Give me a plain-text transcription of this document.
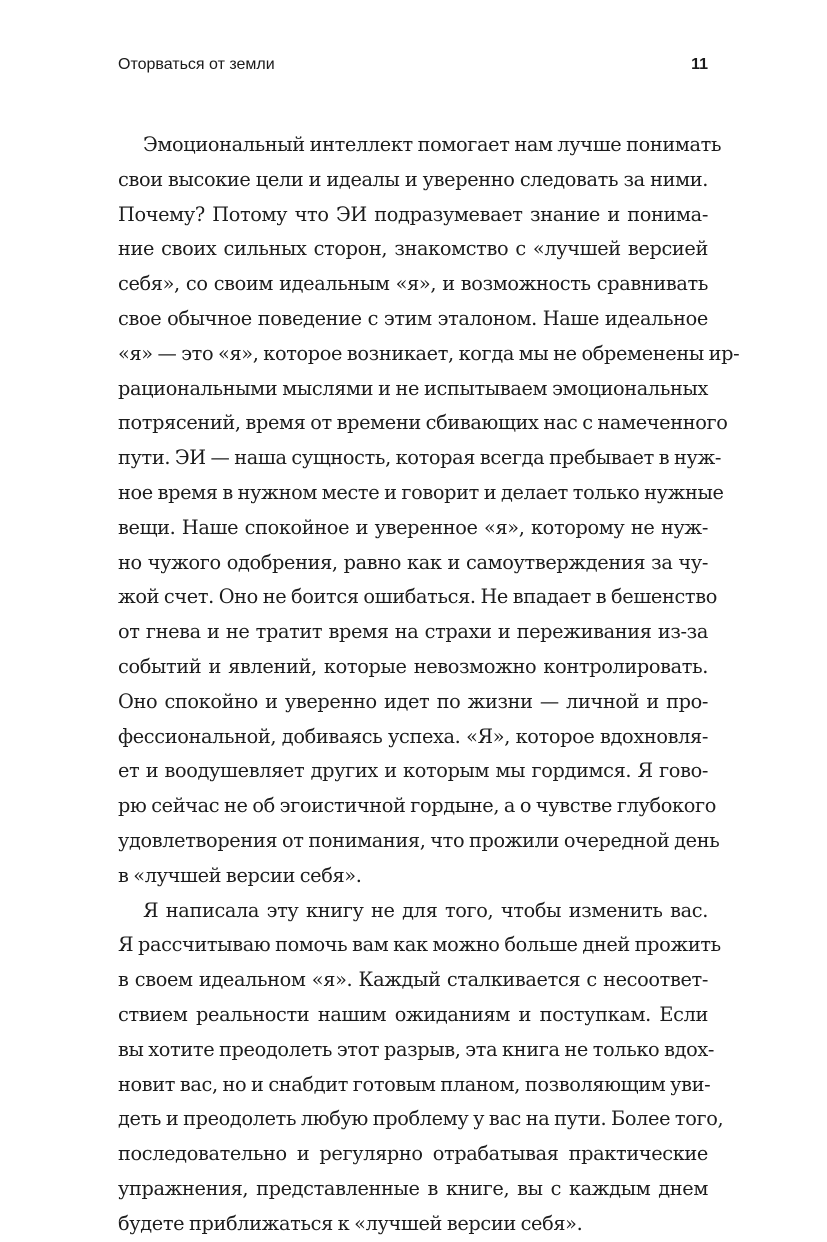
Оторваться от земли	11
Эмоциональный интеллект помогает нам лучше понимать
свои высокие цели и идеалы и уверенно следовать за ними.
Почему? Потому что ЭИ подразумевает знание и понима-
ние своих сильных сторон, знакомство с «лучшей версией
себя», со своим идеальным «я», и возможность сравнивать
свое обычное поведение с этим эталоном. Наше идеальное
«я» — это «я», которое возникает, когда мы не обременены ир-
рациональными мыслями и не испытываем эмоциональных
потрясений, время от времени сбивающих нас с намеченного
пути. ЭИ — наша сущность, которая всегда пребывает в нуж-
ное время в нужном месте и говорит и делает только нужные
вещи. Наше спокойное и уверенное «я», которому не нуж-
но чужого одобрения, равно как и самоутверждения за чу-
жой счет. Оно не боится ошибаться. Не впадает в бешенство
от гнева и не тратит время на страхи и переживания из-за
событий и явлений, которые невозможно контролировать.
Оно спокойно и уверенно идет по жизни — личной и про-
фессиональной, добиваясь успеха. «Я», которое вдохновля-
ет и воодушевляет других и которым мы гордимся. Я гово-
рю сейчас не об эгоистичной гордыне, а о чувстве глубокого
удовлетворения от понимания, что прожили очередной день
в «лучшей версии себя».
Я написала эту книгу не для того, чтобы изменить вас.
Я рассчитываю помочь вам как можно больше дней прожить
в своем идеальном «я». Каждый сталкивается с несоответ-
ствием реальности нашим ожиданиям и поступкам. Если
вы хотите преодолеть этот разрыв, эта книга не только вдох-
новит вас, но и снабдит готовым планом, позволяющим уви-
деть и преодолеть любую проблему у вас на пути. Более того,
последовательно и регулярно отрабатывая практические
упражнения, представленные в книге, вы с каждым днем
будете приближаться к «лучшей версии себя».
